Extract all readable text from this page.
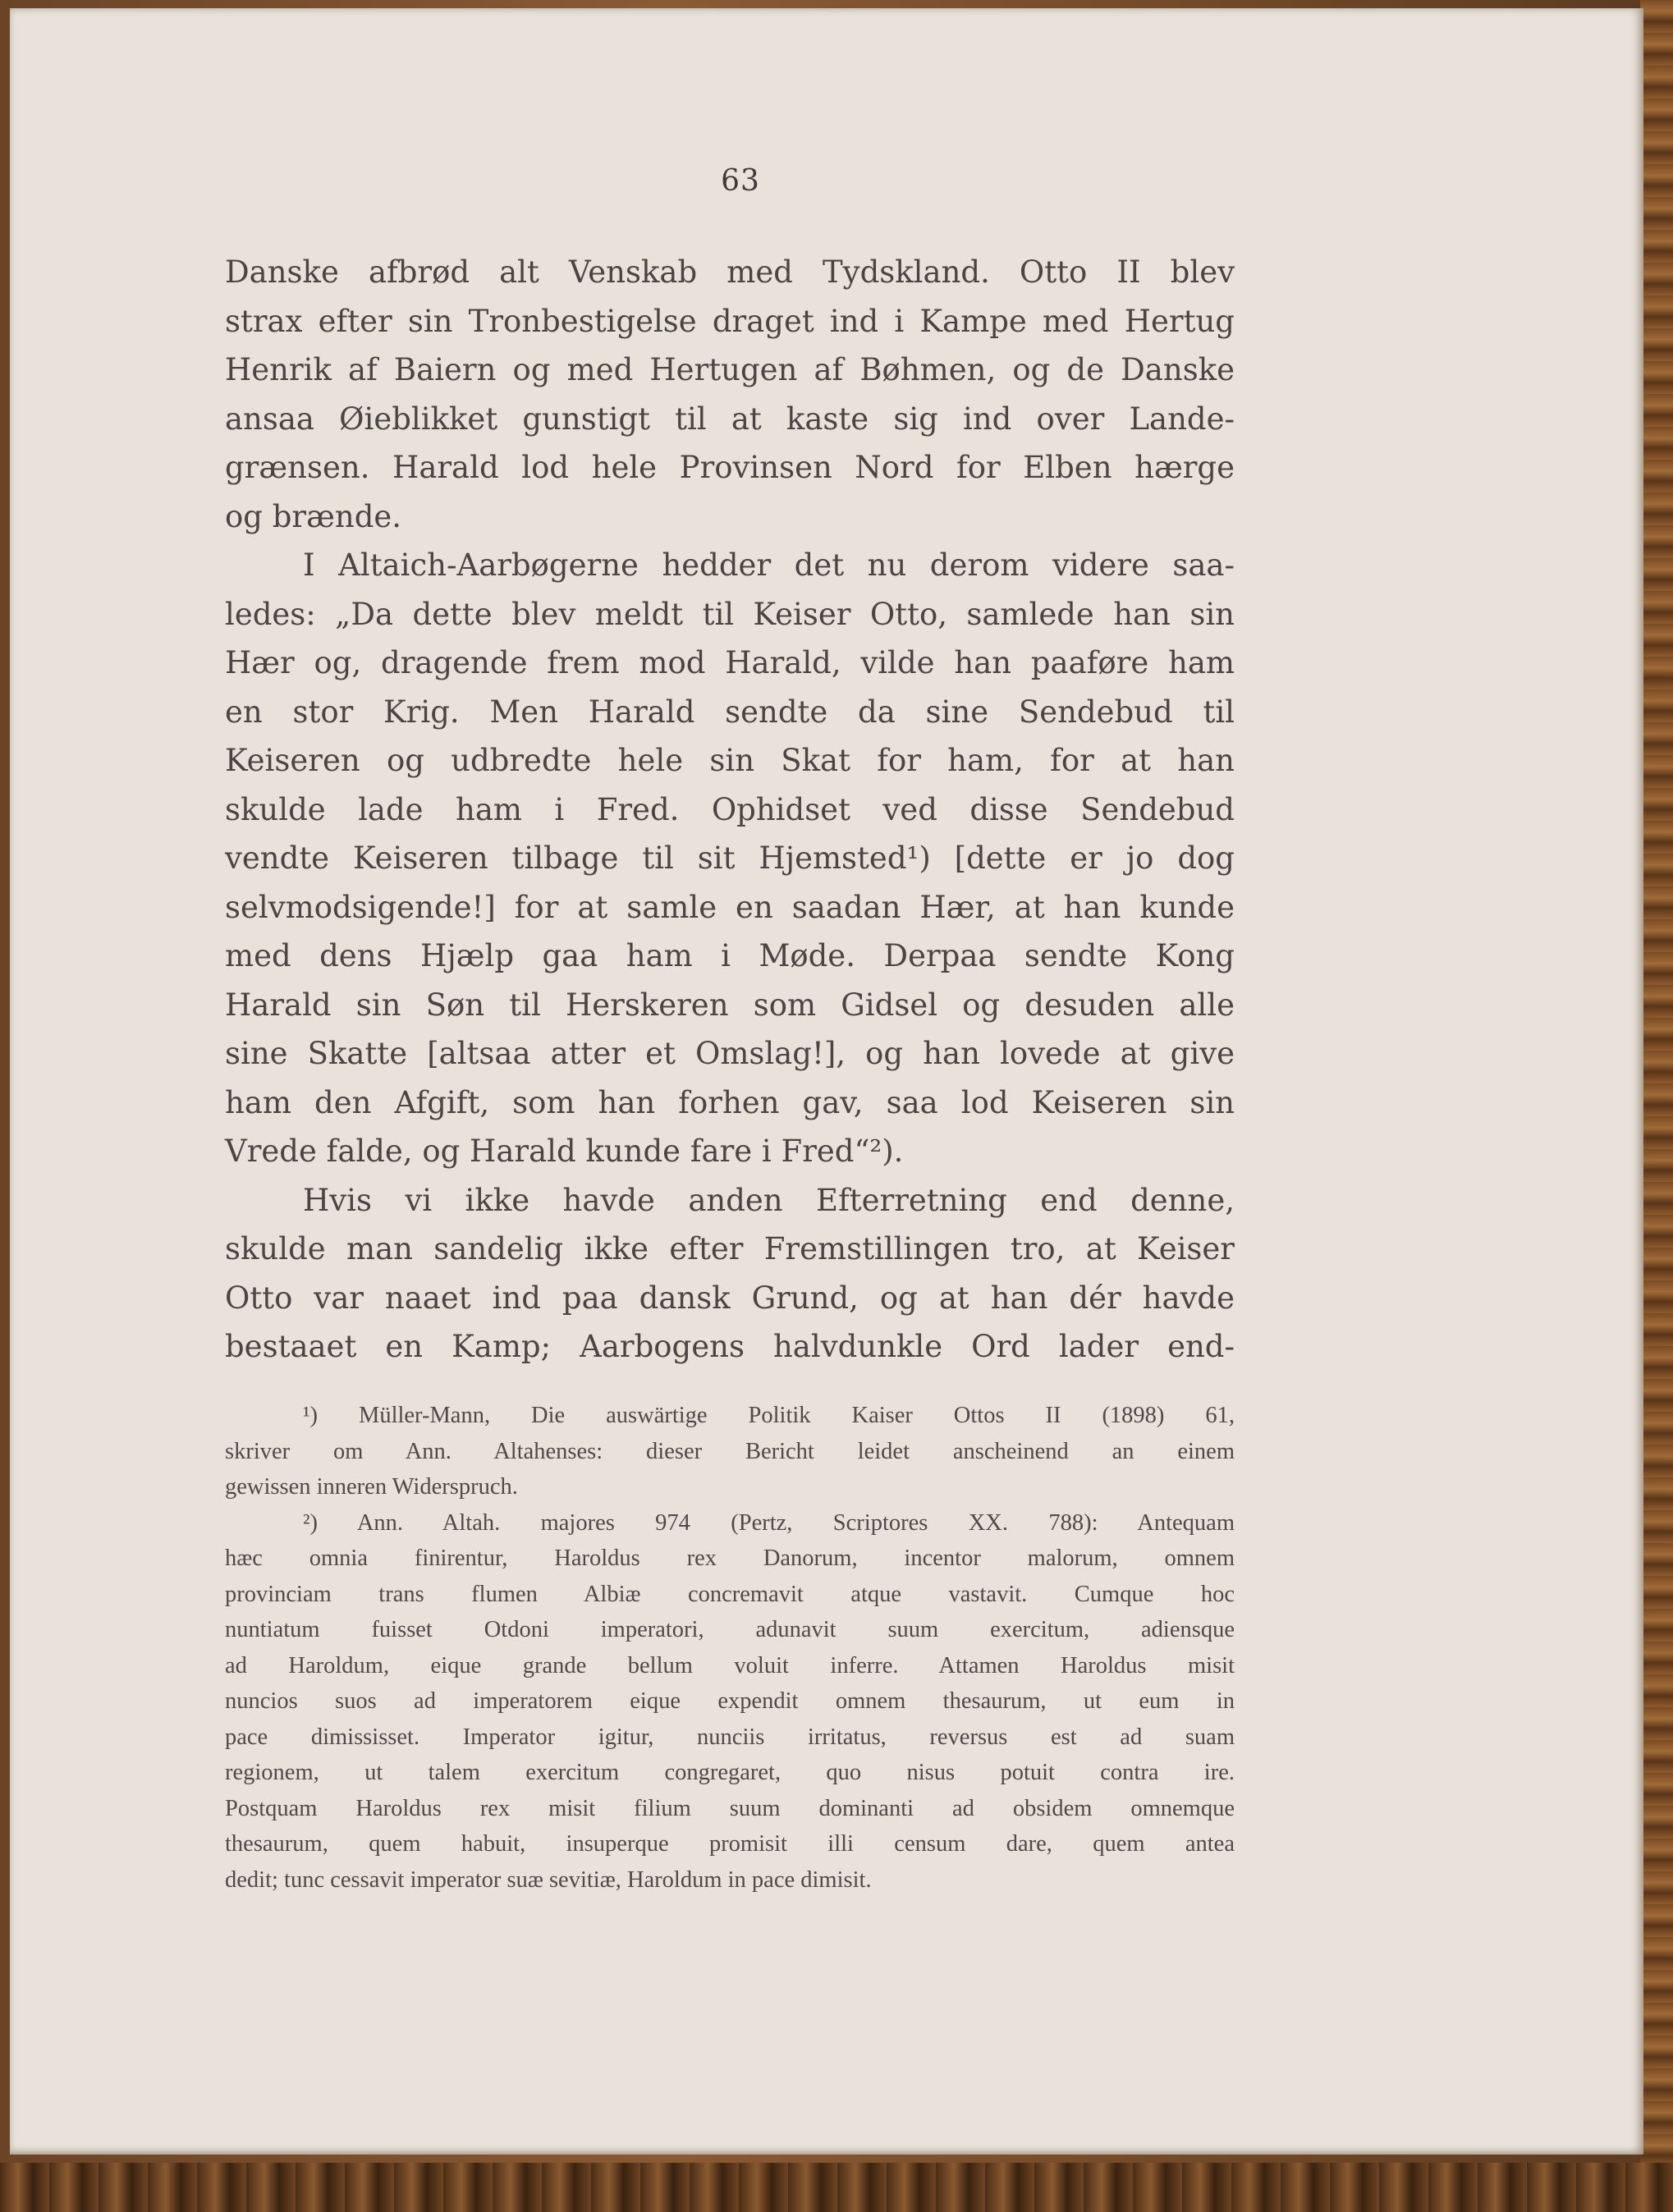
63
Danske afbrød alt Venskab med Tydskland. Otto II blev
strax efter sin Tronbestigelse draget ind i Kampe med Hertug
Henrik af Baiern og med Hertugen af Bøhmen, og de Danske
ansaa Øieblikket gunstigt til at kaste sig ind over Lande-
grænsen. Harald lod hele Provinsen Nord for Elben hærge
og brænde.
I Altaich-Aarbøgerne hedder det nu derom videre saa-
ledes: „Da dette blev meldt til Keiser Otto, samlede han sin
Hær og, dragende frem mod Harald, vilde han paaføre ham
en stor Krig. Men Harald sendte da sine Sendebud til
Keiseren og udbredte hele sin Skat for ham, for at han
skulde lade ham i Fred. Ophidset ved disse Sendebud
vendte Keiseren tilbage til sit Hjemsted¹) [dette er jo dog
selvmodsigende!] for at samle en saadan Hær, at han kunde
med dens Hjælp gaa ham i Møde. Derpaa sendte Kong
Harald sin Søn til Herskeren som Gidsel og desuden alle
sine Skatte [altsaa atter et Omslag!], og han lovede at give
ham den Afgift, som han forhen gav, saa lod Keiseren sin
Vrede falde, og Harald kunde fare i Fred“²).
Hvis vi ikke havde anden Efterretning end denne,
skulde man sandelig ikke efter Fremstillingen tro, at Keiser
Otto var naaet ind paa dansk Grund, og at han dér havde
bestaaet en Kamp; Aarbogens halvdunkle Ord lader end-
¹) Müller-Mann, Die auswärtige Politik Kaiser Ottos II (1898) 61,
skriver om Ann. Altahenses: dieser Bericht leidet anscheinend an einem
gewissen inneren Widerspruch.
²) Ann. Altah. majores 974 (Pertz, Scriptores XX. 788): Antequam
hæc omnia finirentur, Haroldus rex Danorum, incentor malorum, omnem
provinciam trans flumen Albiæ concremavit atque vastavit. Cumque hoc
nuntiatum fuisset Otdoni imperatori, adunavit suum exercitum, adiensque
ad Haroldum, eique grande bellum voluit inferre. Attamen Haroldus misit
nuncios suos ad imperatorem eique expendit omnem thesaurum, ut eum in
pace dimississet. Imperator igitur, nunciis irritatus, reversus est ad suam
regionem, ut talem exercitum congregaret, quo nisus potuit contra ire.
Postquam Haroldus rex misit filium suum dominanti ad obsidem omnemque
thesaurum, quem habuit, insuperque promisit illi censum dare, quem antea
dedit; tunc cessavit imperator suæ sevitiæ, Haroldum in pace dimisit.
